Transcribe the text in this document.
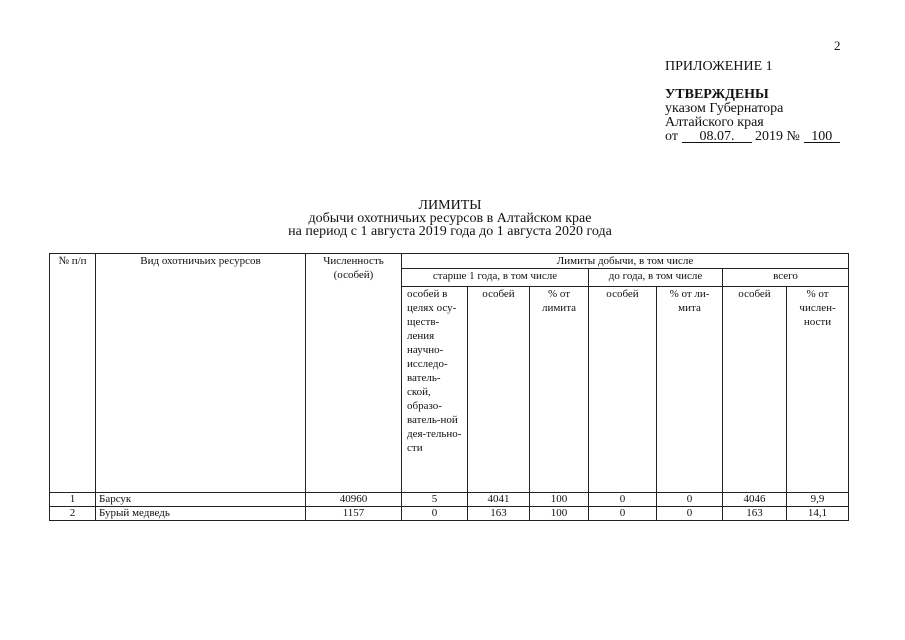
2
ПРИЛОЖЕНИЕ 1
УТВЕРЖДЕНЫ
указом Губернатора
Алтайского края
от	08.07.	2019 № 100
ЛИМИТЫ
добычи охотничьих ресурсов в Алтайском крае
на период с 1 августа 2019 года до 1 августа 2020 года
№ п/п	Вид охотничьих ресурсов	Численность (особей)	Лимиты добычи, в том числе						
			старше 1 года, в том числе			до года, в том числе		всего	
			особей в целях осу-ществ-ления научно-исследо-ватель-ской, образо-ватель-ной дея-тельно-сти	особей	% от лимита	особей	% от ли-мита	особей	% от числен-ности
1	Барсук	40960	5	4041	100	0	0	4046	9,9
2	Бурый медведь	1157	0	163	100	0	0	163	14,1
